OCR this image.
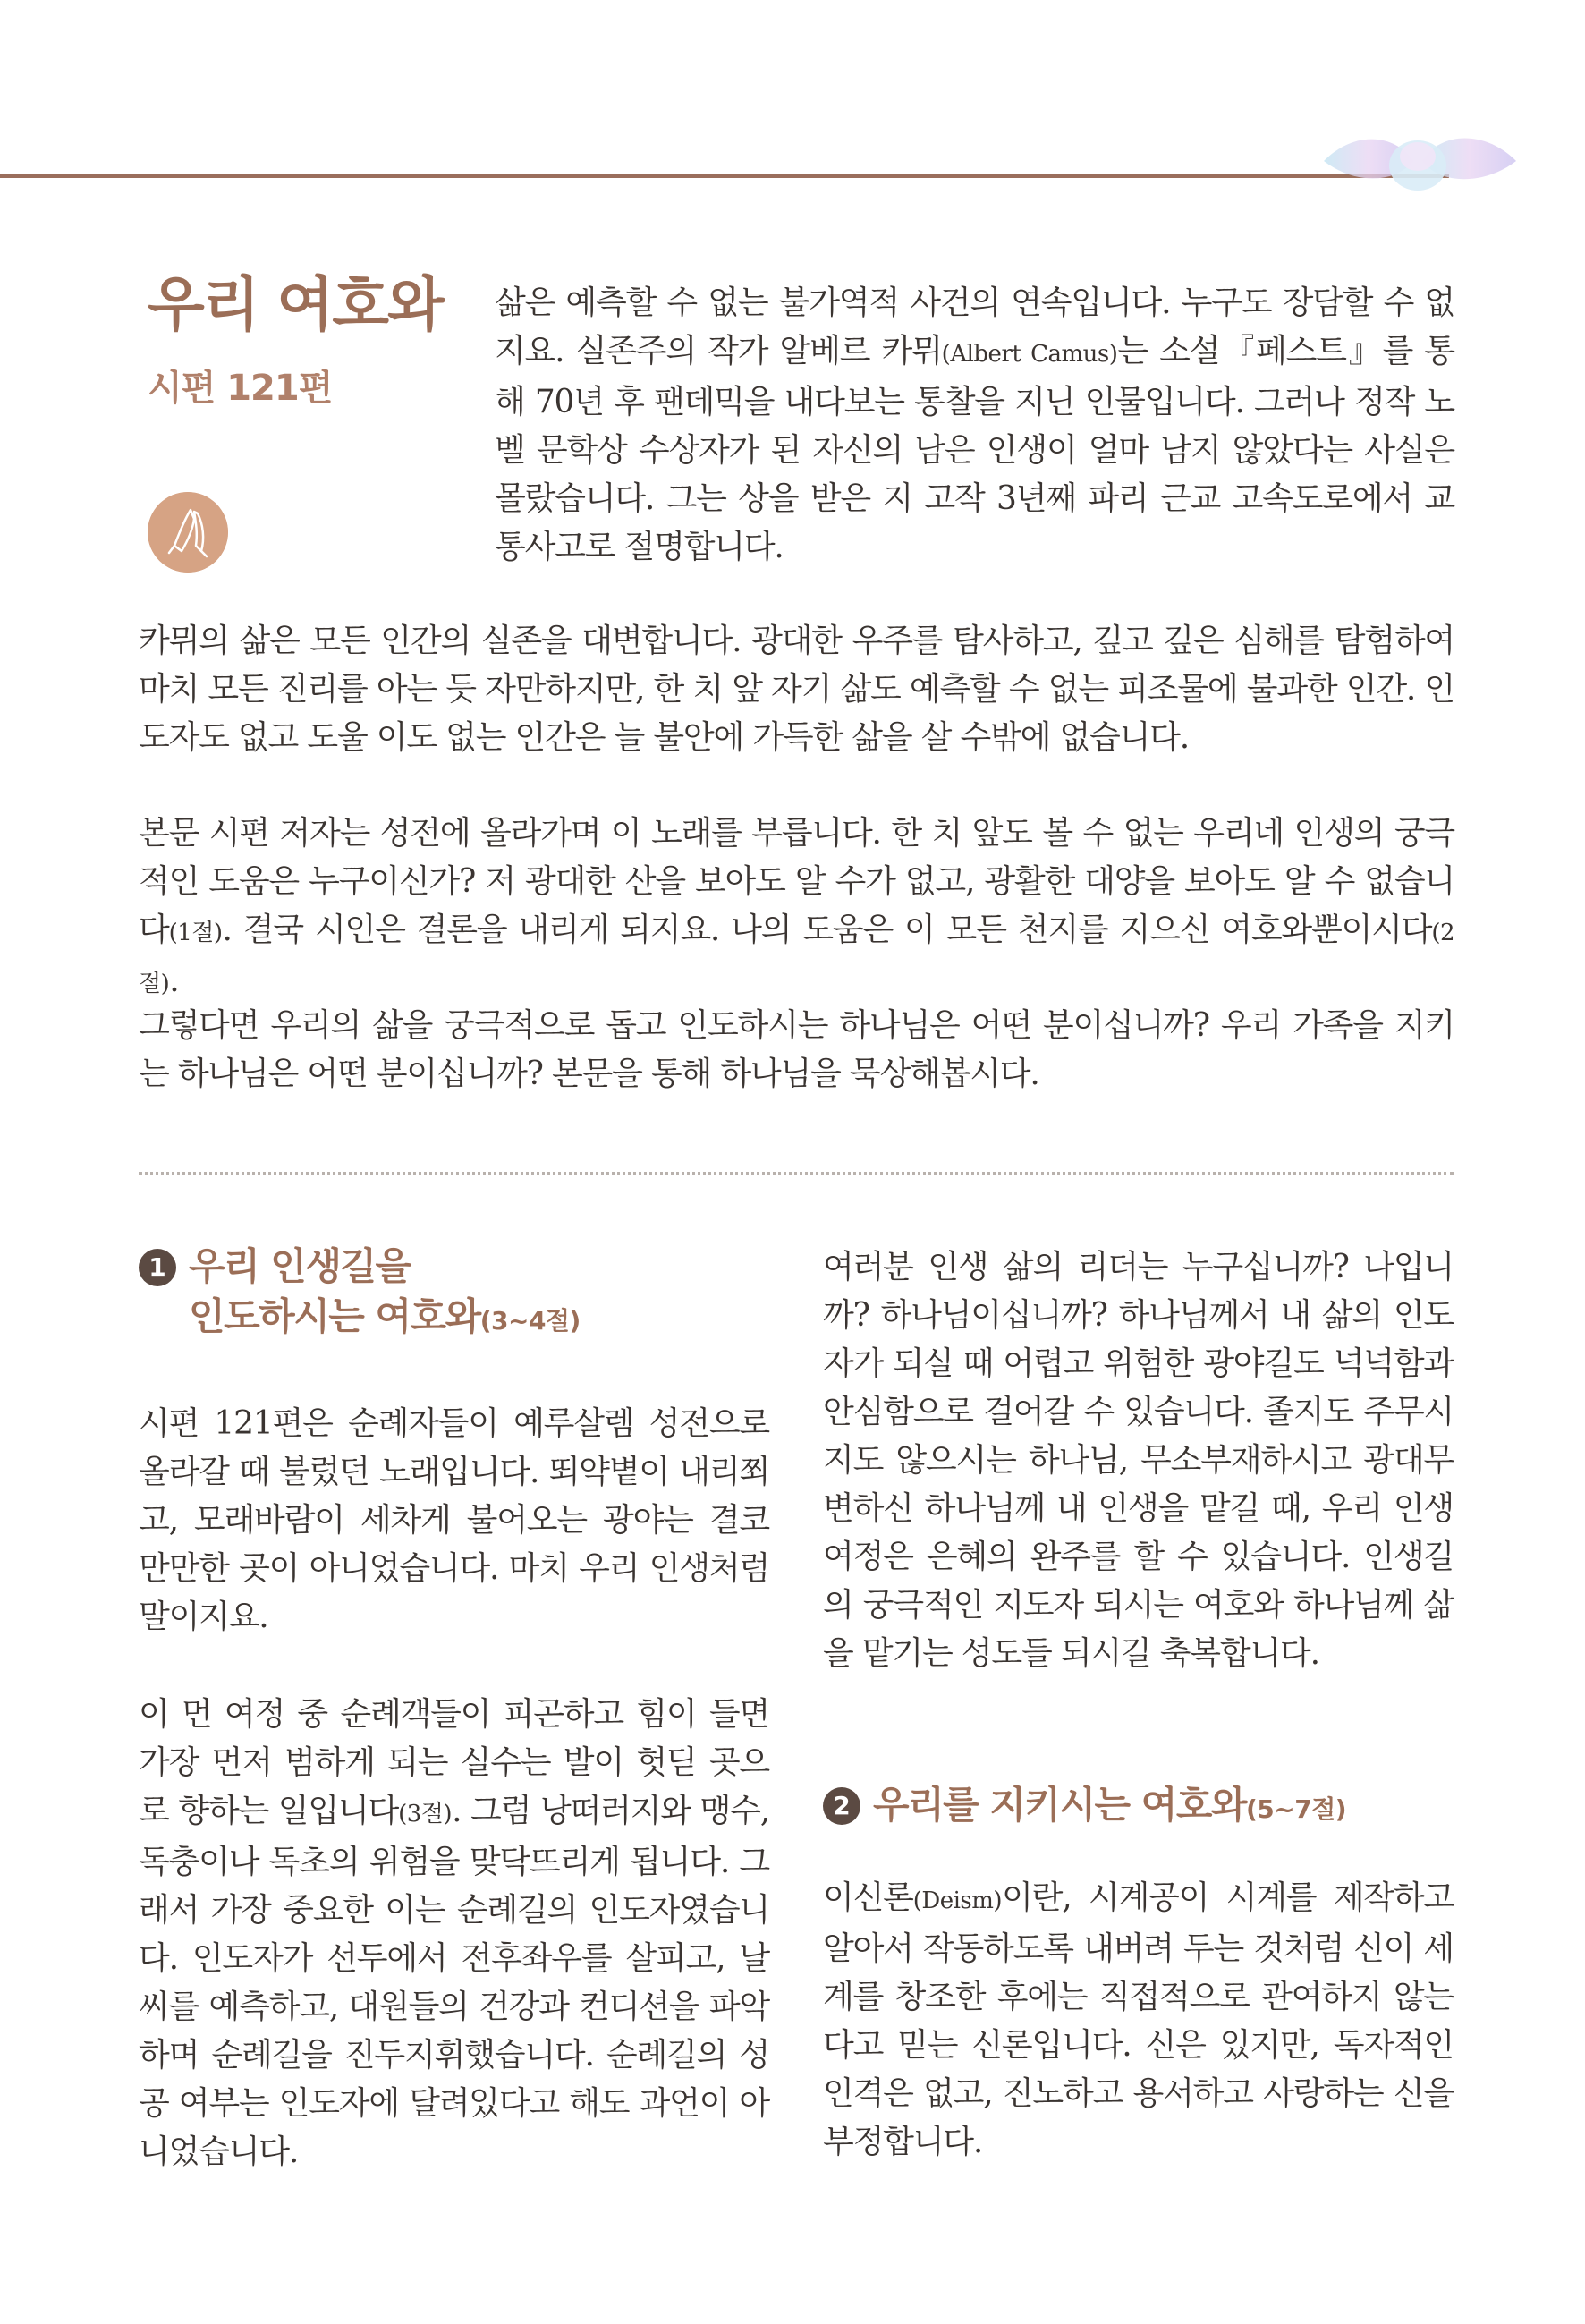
우리 여호와
시편 121편

삶은 예측할 수 없는 불가역적 사건의 연속입니다. 누구도 장담할 수 없지요. 실존주의 작가 알베르 카뮈(Albert Camus)는 소설『페스트』를 통해 70년 후 팬데믹을 내다보는 통찰을 지닌 인물입니다. 그러나 정작 노벨 문학상 수상자가 된 자신의 남은 인생이 얼마 남지 않았다는 사실은 몰랐습니다. 그는 상을 받은 지 고작 3년째 파리 근교 고속도로에서 교통사고로 절명합니다.

카뮈의 삶은 모든 인간의 실존을 대변합니다. 광대한 우주를 탐사하고, 깊고 깊은 심해를 탐험하여 마치 모든 진리를 아는 듯 자만하지만, 한 치 앞 자기 삶도 예측할 수 없는 피조물에 불과한 인간. 인도자도 없고 도울 이도 없는 인간은 늘 불안에 가득한 삶을 살 수밖에 없습니다.

본문 시편 저자는 성전에 올라가며 이 노래를 부릅니다. 한 치 앞도 볼 수 없는 우리네 인생의 궁극적인 도움은 누구이신가? 저 광대한 산을 보아도 알 수가 없고, 광활한 대양을 보아도 알 수 없습니다(1절). 결국 시인은 결론을 내리게 되지요. 나의 도움은 이 모든 천지를 지으신 여호와뿐이시다(2절).

그렇다면 우리의 삶을 궁극적으로 돕고 인도하시는 하나님은 어떤 분이십니까? 우리 가족을 지키는 하나님은 어떤 분이십니까? 본문을 통해 하나님을 묵상해봅시다.

1 우리 인생길을
인도하시는 여호와(3~4절)

시편 121편은 순례자들이 예루살렘 성전으로 올라갈 때 불렀던 노래입니다. 뙤약볕이 내리쬐고, 모래바람이 세차게 불어오는 광야는 결코 만만한 곳이 아니었습니다. 마치 우리 인생처럼 말이지요.

이 먼 여정 중 순례객들이 피곤하고 힘이 들면 가장 먼저 범하게 되는 실수는 발이 헛딛 곳으로 향하는 일입니다(3절). 그럼 낭떠러지와 맹수, 독충이나 독초의 위험을 맞닥뜨리게 됩니다. 그래서 가장 중요한 이는 순례길의 인도자였습니다. 인도자가 선두에서 전후좌우를 살피고, 날씨를 예측하고, 대원들의 건강과 컨디션을 파악하며 순례길을 진두지휘했습니다. 순례길의 성공 여부는 인도자에 달려있다고 해도 과언이 아니었습니다.

여러분 인생 삶의 리더는 누구십니까? 나입니까? 하나님이십니까? 하나님께서 내 삶의 인도자가 되실 때 어렵고 위험한 광야길도 넉넉함과 안심함으로 걸어갈 수 있습니다. 졸지도 주무시지도 않으시는 하나님, 무소부재하시고 광대무변하신 하나님께 내 인생을 맡길 때, 우리 인생 여정은 은혜의 완주를 할 수 있습니다. 인생길의 궁극적인 지도자 되시는 여호와 하나님께 삶을 맡기는 성도들 되시길 축복합니다.

2 우리를 지키시는 여호와(5~7절)

이신론(Deism)이란, 시계공이 시계를 제작하고 알아서 작동하도록 내버려 두는 것처럼 신이 세계를 창조한 후에는 직접적으로 관여하지 않는다고 믿는 신론입니다. 신은 있지만, 독자적인 인격은 없고, 진노하고 용서하고 사랑하는 신을 부정합니다.
